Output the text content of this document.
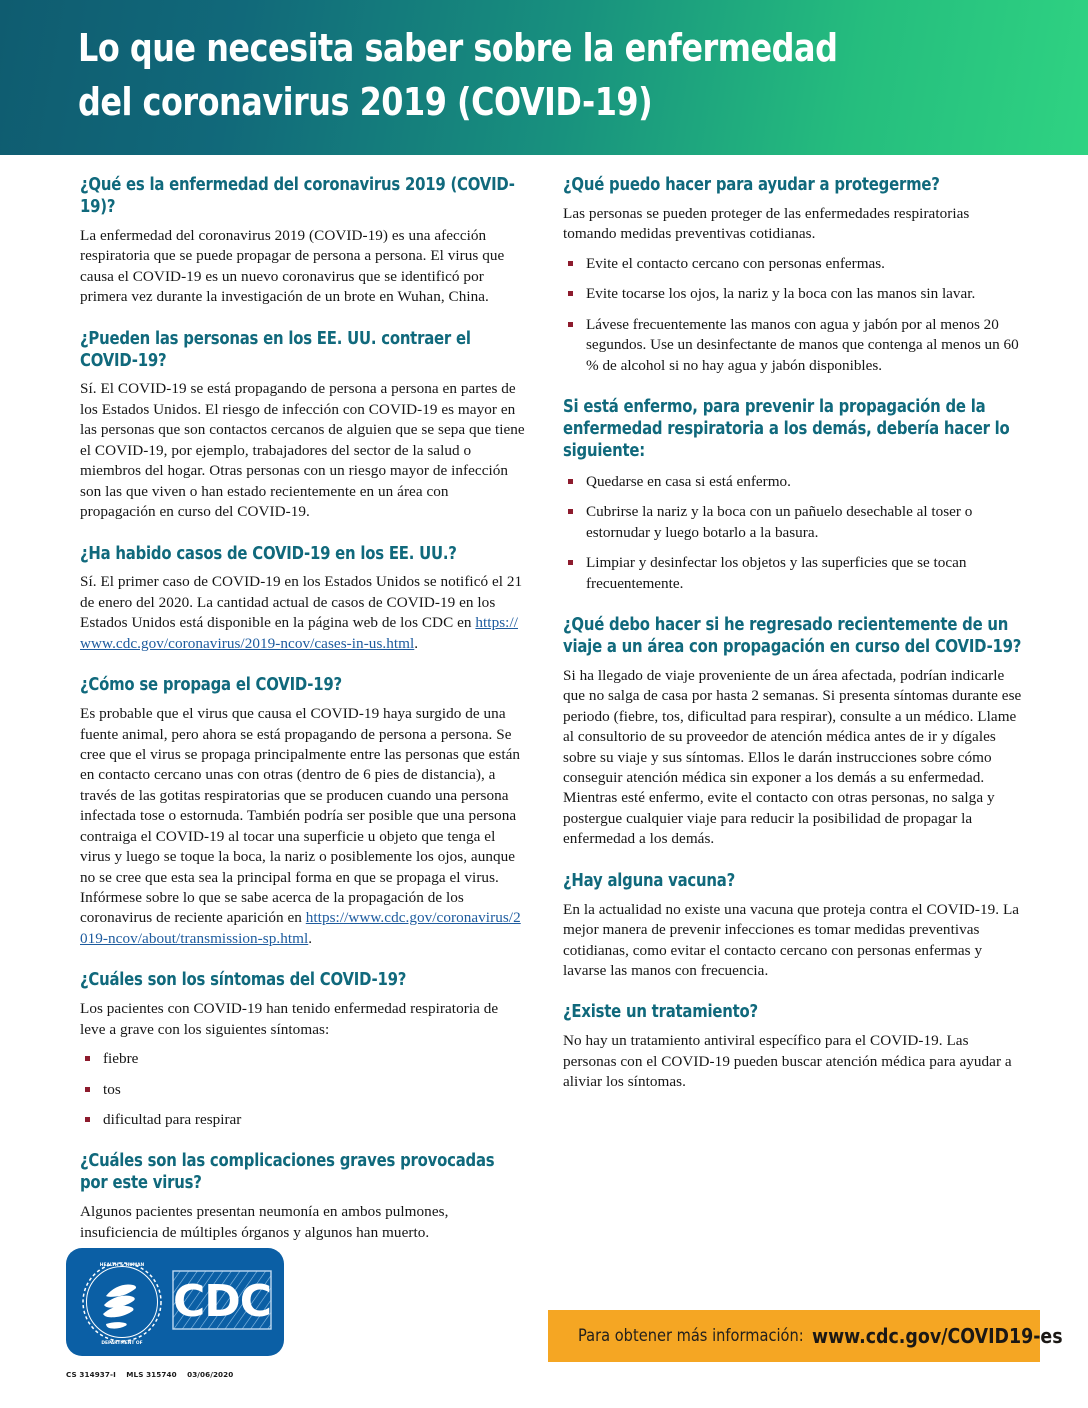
Lo que necesita saber sobre la enfermedad del coronavirus 2019 (COVID-19)
¿Qué es la enfermedad del coronavirus 2019 (COVID-19)?

La enfermedad del coronavirus 2019 (COVID-19) es una afección respiratoria que se puede propagar de persona a persona. El virus que causa el COVID-19 es un nuevo coronavirus que se identificó por primera vez durante la investigación de un brote en Wuhan, China.

¿Pueden las personas en los EE. UU. contraer el COVID-19?

Sí. El COVID-19 se está propagando de persona a persona en partes de los Estados Unidos. El riesgo de infección con COVID-19 es mayor en las personas que son contactos cercanos de alguien que se sepa que tiene el COVID-19, por ejemplo, trabajadores del sector de la salud o miembros del hogar. Otras personas con un riesgo mayor de infección son las que viven o han estado recientemente en un área con propagación en curso del COVID-19.

¿Ha habido casos de COVID-19 en los EE. UU.?

Sí. El primer caso de COVID-19 en los Estados Unidos se notificó el 21 de enero del 2020. La cantidad actual de casos de COVID-19 en los Estados Unidos está disponible en la página web de los CDC en https://www.cdc.gov/coronavirus/2019-ncov/cases-in-us.html.

¿Cómo se propaga el COVID-19?

Es probable que el virus que causa el COVID-19 haya surgido de una fuente animal, pero ahora se está propagando de persona a persona. Se cree que el virus se propaga principalmente entre las personas que están en contacto cercano unas con otras (dentro de 6 pies de distancia), a través de las gotitas respiratorias que se producen cuando una persona infectada tose o estornuda. También podría ser posible que una persona contraiga el COVID-19 al tocar una superficie u objeto que tenga el virus y luego se toque la boca, la nariz o posiblemente los ojos, aunque no se cree que esta sea la principal forma en que se propaga el virus. Infórmese sobre lo que se sabe acerca de la propagación de los coronavirus de reciente aparición en https://www.cdc.gov/coronavirus/2019-ncov/about/transmission-sp.html.

¿Cuáles son los síntomas del COVID-19?

Los pacientes con COVID-19 han tenido enfermedad respiratoria de leve a grave con los siguientes síntomas:

fiebre
tos
dificultad para respirar
¿Cuáles son las complicaciones graves provocadas por este virus?

Algunos pacientes presentan neumonía en ambos pulmones, insuficiencia de múltiples órganos y algunos han muerto.

¿Qué puedo hacer para ayudar a protegerme?

Las personas se pueden proteger de las enfermedades respiratorias tomando medidas preventivas cotidianas.

Evite el contacto cercano con personas enfermas.
Evite tocarse los ojos, la nariz y la boca con las manos sin lavar.
Lávese frecuentemente las manos con agua y jabón por al menos 20 segundos. Use un desinfectante de manos que contenga al menos un 60 % de alcohol si no hay agua y jabón disponibles.
Si está enfermo, para prevenir la propagación de la enfermedad respiratoria a los demás, debería hacer lo siguiente:
Quedarse en casa si está enfermo.
Cubrirse la nariz y la boca con un pañuelo desechable al toser o estornudar y luego botarlo a la basura.
Limpiar y desinfectar los objetos y las superficies que se tocan frecuentemente.
¿Qué debo hacer si he regresado recientemente de un viaje a un área con propagación en curso del COVID-19?

Si ha llegado de viaje proveniente de un área afectada, podrían indicarle que no salga de casa por hasta 2 semanas. Si presenta síntomas durante ese periodo (fiebre, tos, dificultad para respirar), consulte a un médico. Llame al consultorio de su proveedor de atención médica antes de ir y dígales sobre su viaje y sus síntomas. Ellos le darán instrucciones sobre cómo conseguir atención médica sin exponer a los demás a su enfermedad. Mientras esté enfermo, evite el contacto con otras personas, no salga y postergue cualquier viaje para reducir la posibilidad de propagar la enfermedad a los demás.

¿Hay alguna vacuna?

En la actualidad no existe una vacuna que proteja contra el COVID-19. La mejor manera de prevenir infecciones es tomar medidas preventivas cotidianas, como evitar el contacto cercano con personas enfermas y lavarse las manos con frecuencia.

¿Existe un tratamiento?

No hay un tratamiento antiviral específico para el COVID-19. Las personas con el COVID-19 pueden buscar atención médica para ayudar a aliviar los síntomas.

HEALTH & HUMAN
DEPARTMENT OF
CDC
CS 314937-I    MLS 315740    03/06/2020
Para obtener más información: www.cdc.gov/COVID19-es
